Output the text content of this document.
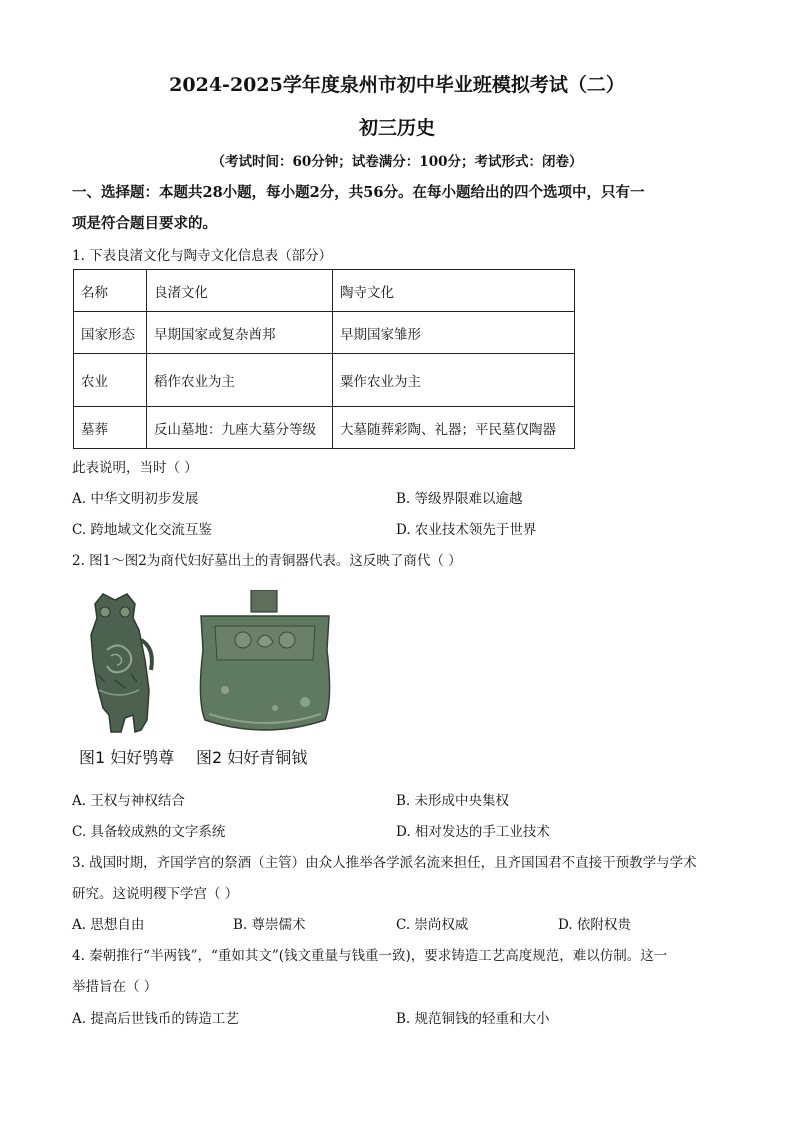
2024-2025学年度泉州市初中毕业班模拟考试（二）
初三历史
（考试时间：60分钟；试卷满分：100分；考试形式：闭卷）
一、选择题：本题共28小题，每小题2分，共56分。在每小题给出的四个选项中，只有一
项是符合题目要求的。
1. 下表良渚文化与陶寺文化信息表（部分）
名称	良渚文化	陶寺文化
国家形态	早期国家或复杂酋邦	早期国家雏形
农业	稻作农业为主	粟作农业为主
墓葬	反山墓地：九座大墓分等级	大墓随葬彩陶、礼器；平民墓仅陶器
此表说明，当时（ ）
A. 中华文明初步发展	B. 等级界限难以逾越
C. 跨地域文化交流互鉴	D. 农业技术领先于世界
2. 图1～图2为商代妇好墓出土的青铜器代表。这反映了商代（ ）
图1 妇好鸮尊 图2 妇好青铜钺
A. 王权与神权结合	B. 未形成中央集权
C. 具备较成熟的文字系统	D. 相对发达的手工业技术
3. 战国时期，齐国学宫的祭酒（主管）由众人推举各学派名流来担任，且齐国国君不直接干预教学与学术
研究。这说明稷下学宫（ ）
A. 思想自由	B. 尊崇儒术	C. 崇尚权威	D. 依附权贵
4. 秦朝推行“半两钱”，“重如其文”(钱文重量与钱重一致)，要求铸造工艺高度规范，难以仿制。这一
举措旨在（ ）
A. 提高后世钱币的铸造工艺	B. 规范铜钱的轻重和大小
